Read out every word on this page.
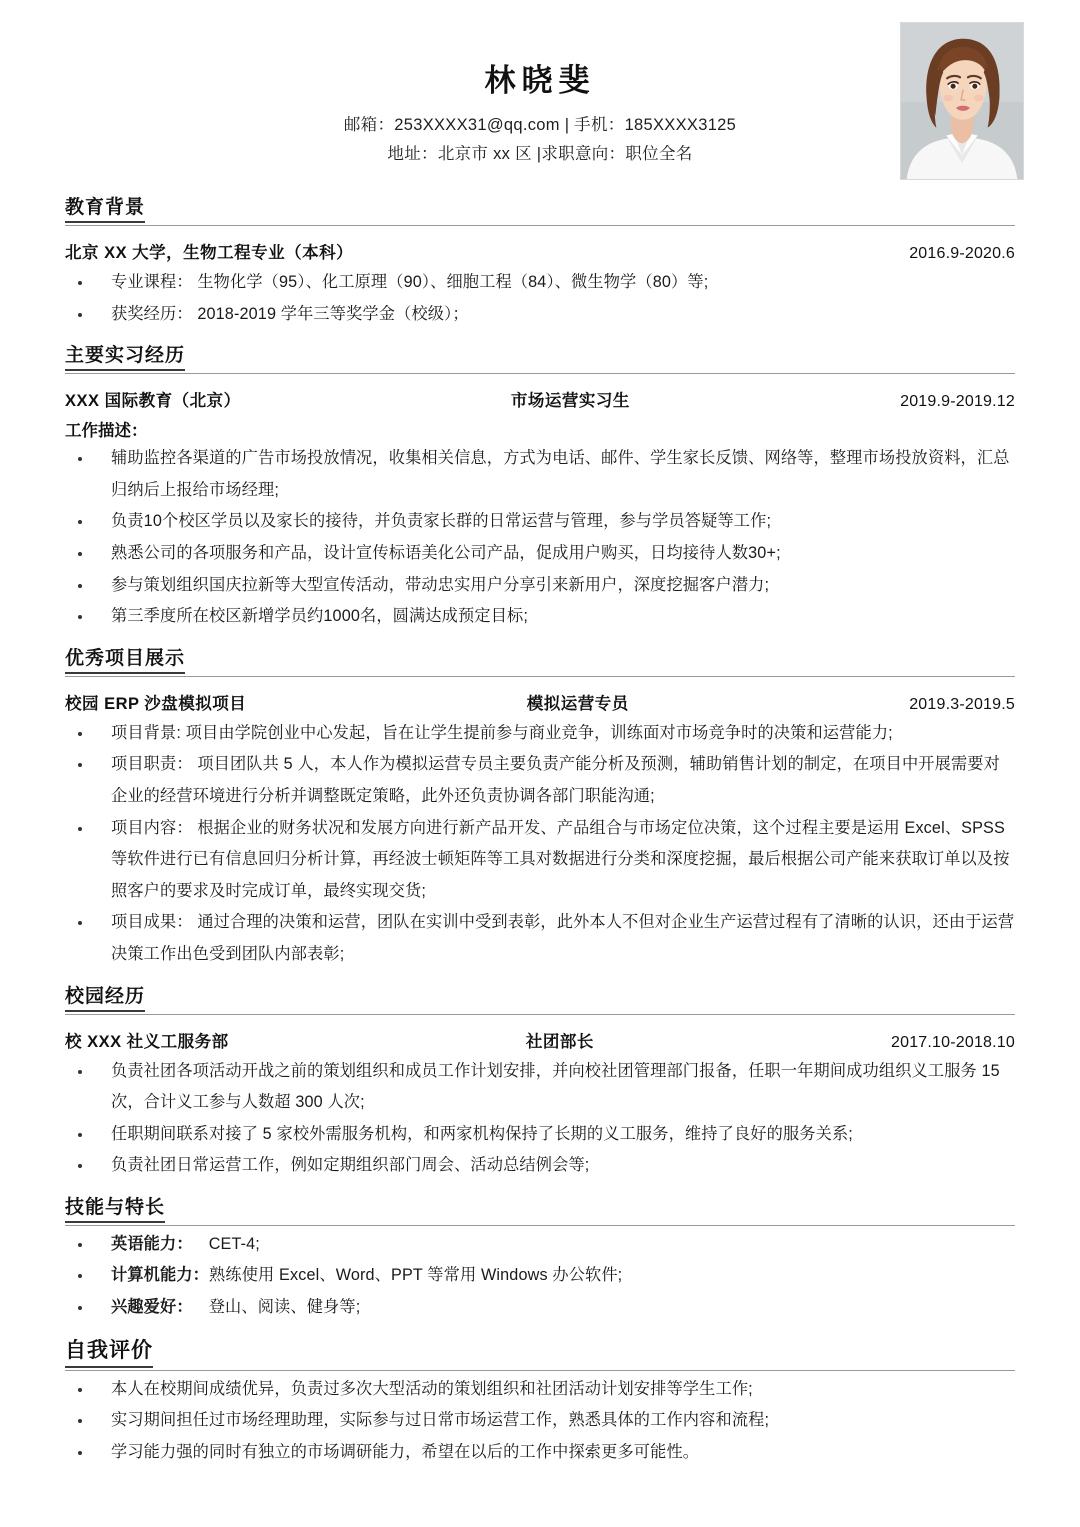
林晓斐
邮箱：253XXXX31@qq.com | 手机：185XXXX3125
地址：北京市 xx 区 |求职意向：职位全名
教育背景
北京 XX 大学，生物工程专业（本科）	2016.9-2020.6
专业课程： 生物化学（95）、化工原理（90）、细胞工程（84）、微生物学（80）等;
获奖经历： 2018-2019 学年三等奖学金（校级）；
主要实习经历
XXX 国际教育（北京）	市场运营实习生	2019.9-2019.12
工作描述：
辅助监控各渠道的广告市场投放情况，收集相关信息，方式为电话、邮件、学生家长反馈、网络等，整理市场投放资料，汇总归纳后上报给市场经理;
负责10个校区学员以及家长的接待，并负责家长群的日常运营与管理，参与学员答疑等工作;
熟悉公司的各项服务和产品，设计宣传标语美化公司产品，促成用户购买，日均接待人数30+;
参与策划组织国庆拉新等大型宣传活动，带动忠实用户分享引来新用户，深度挖掘客户潜力;
第三季度所在校区新增学员约1000名，圆满达成预定目标;
优秀项目展示
校园 ERP 沙盘模拟项目	模拟运营专员	2019.3-2019.5
项目背景: 项目由学院创业中心发起，旨在让学生提前参与商业竞争，训练面对市场竞争时的决策和运营能力;
项目职责： 项目团队共 5 人，本人作为模拟运营专员主要负责产能分析及预测，辅助销售计划的制定，在项目中开展需要对企业的经营环境进行分析并调整既定策略，此外还负责协调各部门职能沟通;
项目内容： 根据企业的财务状况和发展方向进行新产品开发、产品组合与市场定位决策，这个过程主要是运用 Excel、SPSS 等软件进行已有信息回归分析计算，再经波士顿矩阵等工具对数据进行分类和深度挖掘，最后根据公司产能来获取订单以及按照客户的要求及时完成订单，最终实现交货;
项目成果： 通过合理的决策和运营，团队在实训中受到表彰，此外本人不但对企业生产运营过程有了清晰的认识，还由于运营决策工作出色受到团队内部表彰;
校园经历
校 XXX 社义工服务部	社团部长	2017.10-2018.10
负责社团各项活动开战之前的策划组织和成员工作计划安排，并向校社团管理部门报备，任职一年期间成功组织义工服务 15 次，合计义工参与人数超 300 人次;
任职期间联系对接了 5 家校外需服务机构，和两家机构保持了长期的义工服务，维持了良好的服务关系;
负责社团日常运营工作，例如定期组织部门周会、活动总结例会等;
技能与特长
英语能力： CET-4;
计算机能力：熟练使用 Excel、Word、PPT 等常用 Windows 办公软件;
兴趣爱好： 登山、阅读、健身等;
自我评价
本人在校期间成绩优异，负责过多次大型活动的策划组织和社团活动计划安排等学生工作;
实习期间担任过市场经理助理，实际参与过日常市场运营工作，熟悉具体的工作内容和流程;
学习能力强的同时有独立的市场调研能力，希望在以后的工作中探索更多可能性。
